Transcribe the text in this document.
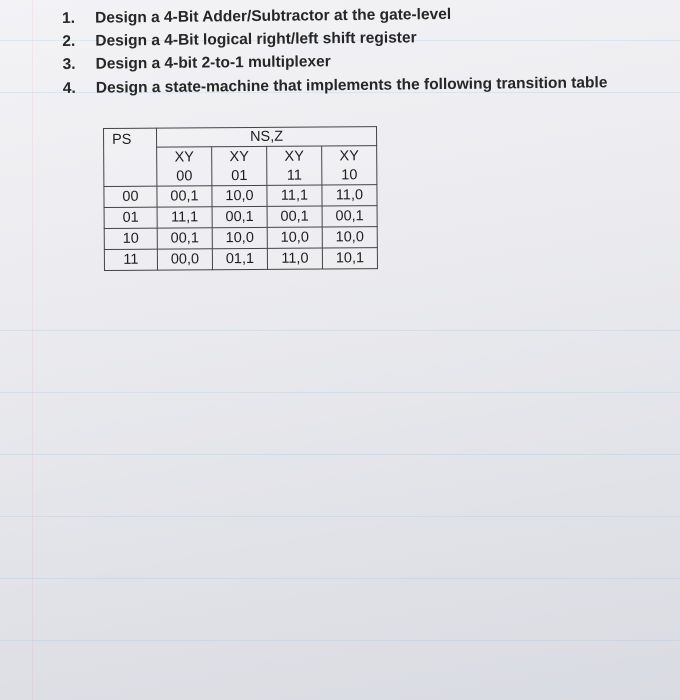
1.	Design a 4-Bit Adder/Subtractor at the gate-level
2.	Design a 4-Bit logical right/left shift register
3.	Design a 4-bit 2-to-1 multiplexer
4.	Design a state-machine that implements the following transition table
PS	NS,Z			
	XY	XY	XY	XY
	00	01	11	10
00	00,1	10,0	11,1	11,0
01	11,1	00,1	00,1	00,1
10	00,1	10,0	10,0	10,0
11	00,0	01,1	11,0	10,1
